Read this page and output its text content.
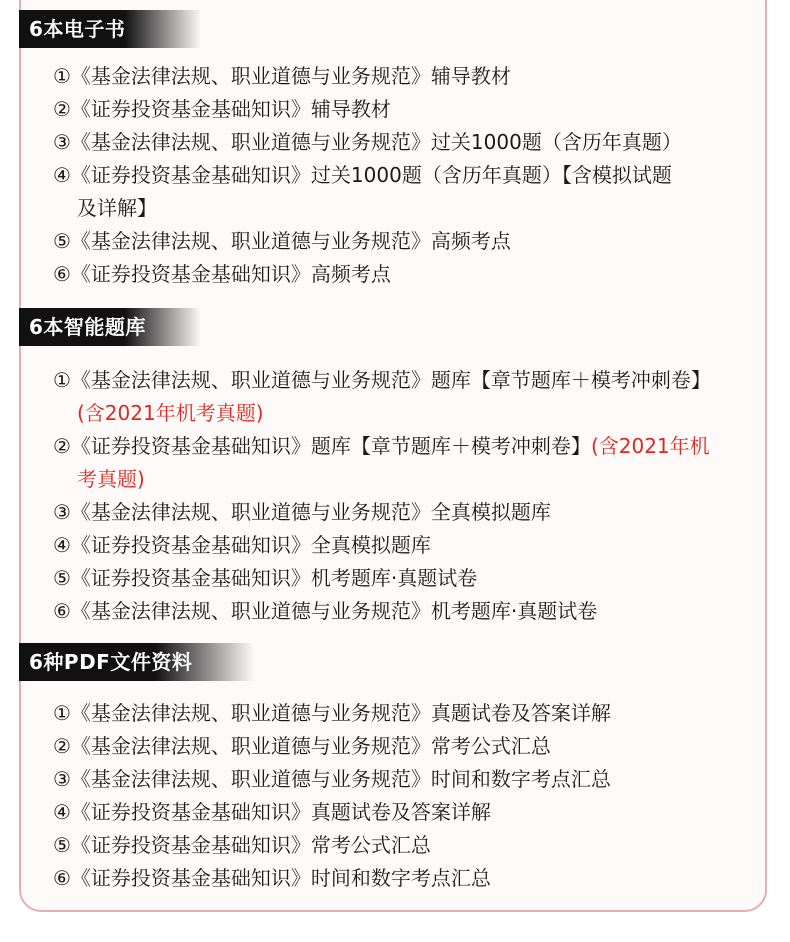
6本电子书
①《基金法律法规、职业道德与业务规范》辅导教材
②《证券投资基金基础知识》辅导教材
③《基金法律法规、职业道德与业务规范》过关1000题（含历年真题）
④《证券投资基金基础知识》过关1000题（含历年真题）【含模拟试题
及详解】
⑤《基金法律法规、职业道德与业务规范》高频考点
⑥《证券投资基金基础知识》高频考点
6本智能题库
①《基金法律法规、职业道德与业务规范》题库【章节题库＋模考冲刺卷】
(含2021年机考真题)
②《证券投资基金基础知识》题库【章节题库＋模考冲刺卷】(含2021年机
考真题)
③《基金法律法规、职业道德与业务规范》全真模拟题库
④《证券投资基金基础知识》全真模拟题库
⑤《证券投资基金基础知识》机考题库·真题试卷
⑥《基金法律法规、职业道德与业务规范》机考题库·真题试卷
6种PDF文件资料
①《基金法律法规、职业道德与业务规范》真题试卷及答案详解
②《基金法律法规、职业道德与业务规范》常考公式汇总
③《基金法律法规、职业道德与业务规范》时间和数字考点汇总
④《证券投资基金基础知识》真题试卷及答案详解
⑤《证券投资基金基础知识》常考公式汇总
⑥《证券投资基金基础知识》时间和数字考点汇总
